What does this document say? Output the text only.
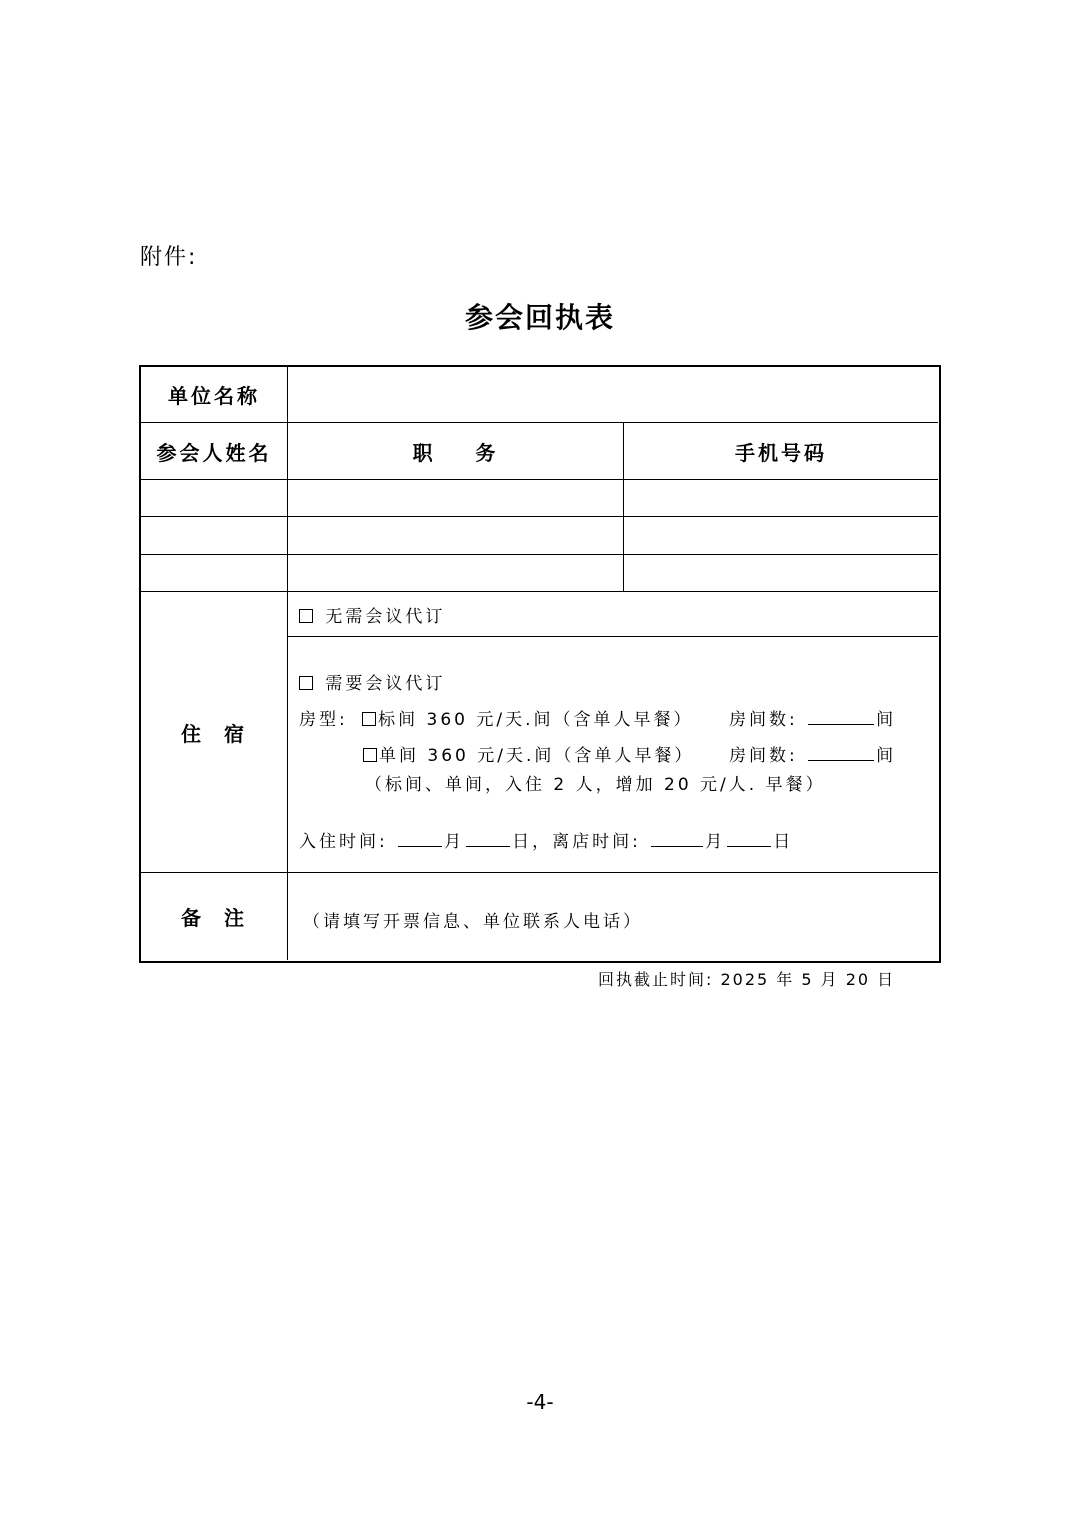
附件:
参会回执表
单位名称
参会人姓名	职    务	手机号码
住  宿
无需会议代订
需要会议代订
房型: 标间 360 元/天.间（含单人早餐） 房间数:	间
单间 360 元/天.间（含单人早餐） 房间数:	间
（标间、单间，入住 2 人，增加 20 元/人. 早餐）
入住时间:	月	日，离店时间:	月	日
备  注	（请填写开票信息、单位联系人电话）
回执截止时间: 2025 年 5 月 20 日
-4-
